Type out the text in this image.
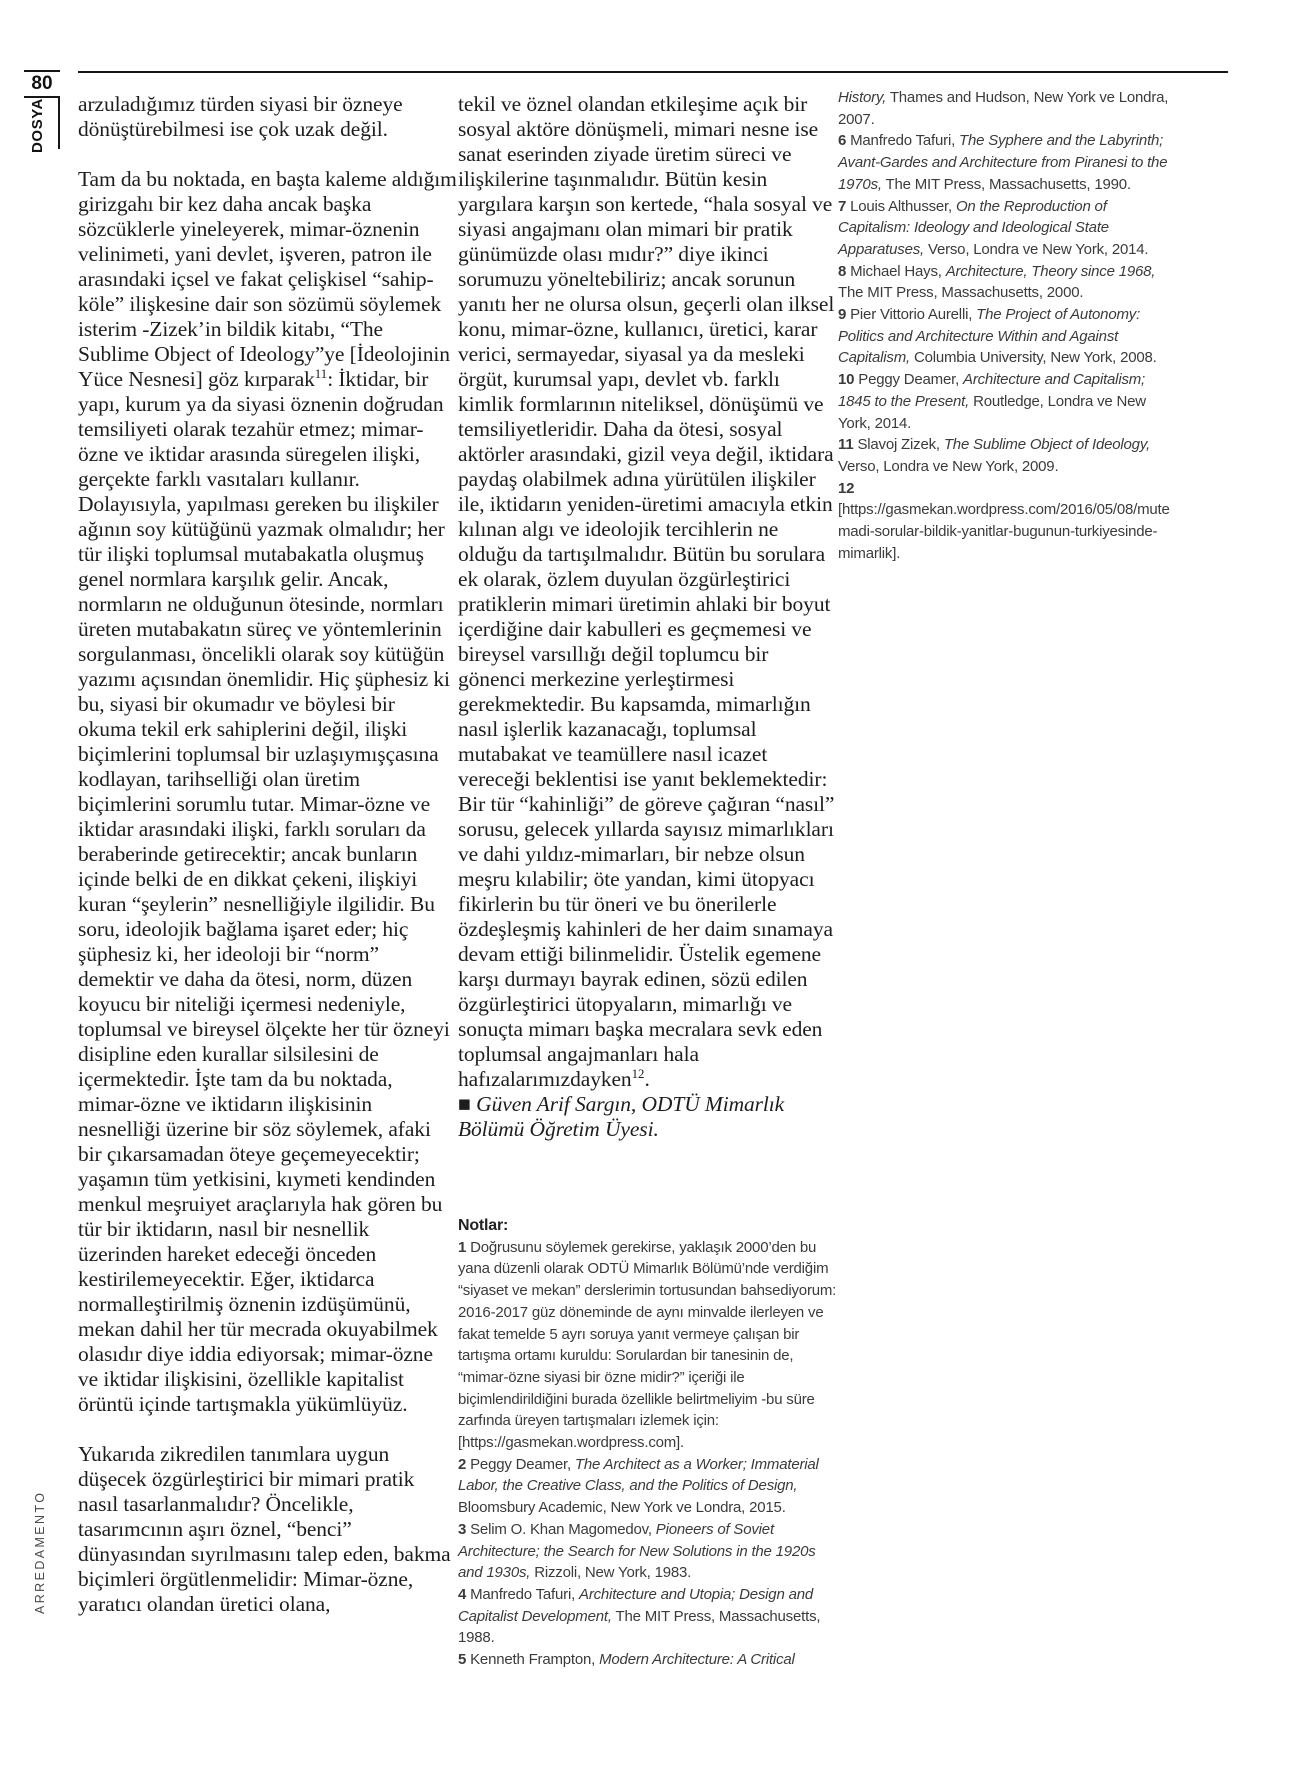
80
DOSYA
ARREDAMENTO

arzuladığımız türden siyasi bir özneye dönüştürebilmesi ise çok uzak değil.

Tam da bu noktada, en başta kaleme aldığım girizgahı bir kez daha ancak başka sözcüklerle yineleyerek, mimar-öznenin velinimeti, yani devlet, işveren, patron ile arasındaki içsel ve fakat çelişkisel “sahip-köle” ilişkesine dair son sözümü söylemek isterim -Zizek’in bildik kitabı, “The Sublime Object of Ideology”ye [İdeolojinin Yüce Nesnesi] göz kırparak$^{11}$: İktidar, bir yapı, kurum ya da siyasi öznenin doğrudan temsiliyeti olarak tezahür etmez; mimar-özne ve iktidar arasında süregelen ilişki, gerçekte farklı vasıtaları kullanır. Dolayısıyla, yapılması gereken bu ilişkiler ağının soy kütüğünü yazmak olmalıdır; her tür ilişki toplumsal mutabakatla oluşmuş genel normlara karşılık gelir. Ancak, normların ne olduğunun ötesinde, normları üreten mutabakatın süreç ve yöntemlerinin sorgulanması, öncelikli olarak soy kütüğün yazımı açısından önemlidir. Hiç şüphesiz ki bu, siyasi bir okumadır ve böylesi bir okuma tekil erk sahiplerini değil, ilişki biçimlerini toplumsal bir uzlaşıymışçasına kodlayan, tarihselliği olan üretim biçimlerini sorumlu tutar. Mimar-özne ve iktidar arasındaki ilişki, farklı soruları da beraberinde getirecektir; ancak bunların içinde belki de en dikkat çekeni, ilişkiyi kuran “şeylerin” nesnelliğiyle ilgilidir. Bu soru, ideolojik bağlama işaret eder; hiç şüphesiz ki, her ideoloji bir “norm” demektir ve daha da ötesi, norm, düzen koyucu bir niteliği içermesi nedeniyle, toplumsal ve bireysel ölçekte her tür özneyi disipline eden kurallar silsilesini de içermektedir. İşte tam da bu noktada, mimar-özne ve iktidarın ilişkisinin nesnelliği üzerine bir söz söylemek, afaki bir çıkarsamadan öteye geçemeyecektir; yaşamın tüm yetkisini, kıymeti kendinden menkul meşruiyet araçlarıyla hak gören bu tür bir iktidarın, nasıl bir nesnellik üzerinden hareket edeceği önceden kestirilemeyecektir. Eğer, iktidarca normalleştirilmiş öznenin izdüşümünü, mekan dahil her tür mecrada okuyabilmek olasıdır diye iddia ediyorsak; mimar-özne ve iktidar ilişkisini, özellikle kapitalist örüntü içinde tartışmakla yükümlüyüz.

Yukarıda zikredilen tanımlara uygun düşecek özgürleştirici bir mimari pratik nasıl tasarlanmalıdır? Öncelikle, tasarımcının aşırı öznel, “benci” dünyasından sıyrılmasını talep eden, bakma biçimleri örgütlenmelidir: Mimar-özne, yaratıcı olandan üretici olana,

tekil ve öznel olandan etkileşime açık bir sosyal aktöre dönüşmeli, mimari nesne ise sanat eserinden ziyade üretim süreci ve ilişkilerine taşınmalıdır. Bütün kesin yargılara karşın son kertede, “hala sosyal ve siyasi angajmanı olan mimari bir pratik günümüzde olası mıdır?” diye ikinci sorumuzu yöneltebiliriz; ancak sorunun yanıtı her ne olursa olsun, geçerli olan ilksel konu, mimar-özne, kullanıcı, üretici, karar verici, sermayedar, siyasal ya da mesleki örgüt, kurumsal yapı, devlet vb. farklı kimlik formlarının niteliksel, dönüşümü ve temsiliyetleridir. Daha da ötesi, sosyal aktörler arasındaki, gizil veya değil, iktidara paydaş olabilmek adına yürütülen ilişkiler ile, iktidarın yeniden-üretimi amacıyla etkin kılınan algı ve ideolojik tercihlerin ne olduğu da tartışılmalıdır. Bütün bu sorulara ek olarak, özlem duyulan özgürleştirici pratiklerin mimari üretimin ahlaki bir boyut içerdiğine dair kabulleri es geçmemesi ve bireysel varsıllığı değil toplumcu bir gönenci merkezine yerleştirmesi gerekmektedir. Bu kapsamda, mimarlığın nasıl işlerlik kazanacağı, toplumsal mutabakat ve teamüllere nasıl icazet vereceği beklentisi ise yanıt beklemektedir: Bir tür “kahinliği” de göreve çağıran “nasıl” sorusu, gelecek yıllarda sayısız mimarlıkları ve dahi yıldız-mimarları, bir nebze olsun meşru kılabilir; öte yandan, kimi ütopyacı fikirlerin bu tür öneri ve bu önerilerle özdeşleşmiş kahinleri de her daim sınamaya devam ettiği bilinmelidir. Üstelik egemene karşı durmayı bayrak edinen, sözü edilen özgürleştirici ütopyaların, mimarlığı ve sonuçta mimarı başka mecralara sevk eden toplumsal angajmanları hala hafızalarımızdayken$^{12}$.

■ Güven Arif Sargın, ODTÜ Mimarlık Bölümü Öğretim Üyesi.

History, Thames and Hudson, New York ve Londra, 2007.

6 Manfredo Tafuri, The Syphere and the Labyrinth; Avant-Gardes and Architecture from Piranesi to the 1970s, The MIT Press, Massachusetts, 1990.

7 Louis Althusser, On the Reproduction of Capitalism: Ideology and Ideological State Apparatuses, Verso, Londra ve New York, 2014.

8 Michael Hays, Architecture, Theory since 1968, The MIT Press, Massachusetts, 2000.

9 Pier Vittorio Aurelli, The Project of Autonomy: Politics and Architecture Within and Against Capitalism, Columbia University, New York, 2008.

10 Peggy Deamer, Architecture and Capitalism; 1845 to the Present, Routledge, Londra ve New York, 2014.

11 Slavoj Zizek, The Sublime Object of Ideology, Verso, Londra ve New York, 2009.

12 [https://gasmekan.wordpress.com/2016/05/08/mutemadi-sorular-bildik-yanitlar-bugunun-turkiyesinde-mimarlik].

Notlar:

1 Doğrusunu söylemek gerekirse, yaklaşık 2000’den bu yana düzenli olarak ODTÜ Mimarlık Bölümü’nde verdiğim “siyaset ve mekan” derslerimin tortusundan bahsediyorum: 2016-2017 güz döneminde de aynı minvalde ilerleyen ve fakat temelde 5 ayrı soruya yanıt vermeye çalışan bir tartışma ortamı kuruldu: Sorulardan bir tanesinin de, “mimar-özne siyasi bir özne midir?” içeriği ile biçimlendirildiğini burada özellikle belirtmeliyim -bu süre zarfında üreyen tartışmaları izlemek için: [https://gasmekan.wordpress.com].

2 Peggy Deamer, The Architect as a Worker; Immaterial Labor, the Creative Class, and the Politics of Design, Bloomsbury Academic, New York ve Londra, 2015.

3 Selim O. Khan Magomedov, Pioneers of Soviet Architecture; the Search for New Solutions in the 1920s and 1930s, Rizzoli, New York, 1983.

4 Manfredo Tafuri, Architecture and Utopia; Design and Capitalist Development, The MIT Press, Massachusetts, 1988.

5 Kenneth Frampton, Modern Architecture: A Critical
